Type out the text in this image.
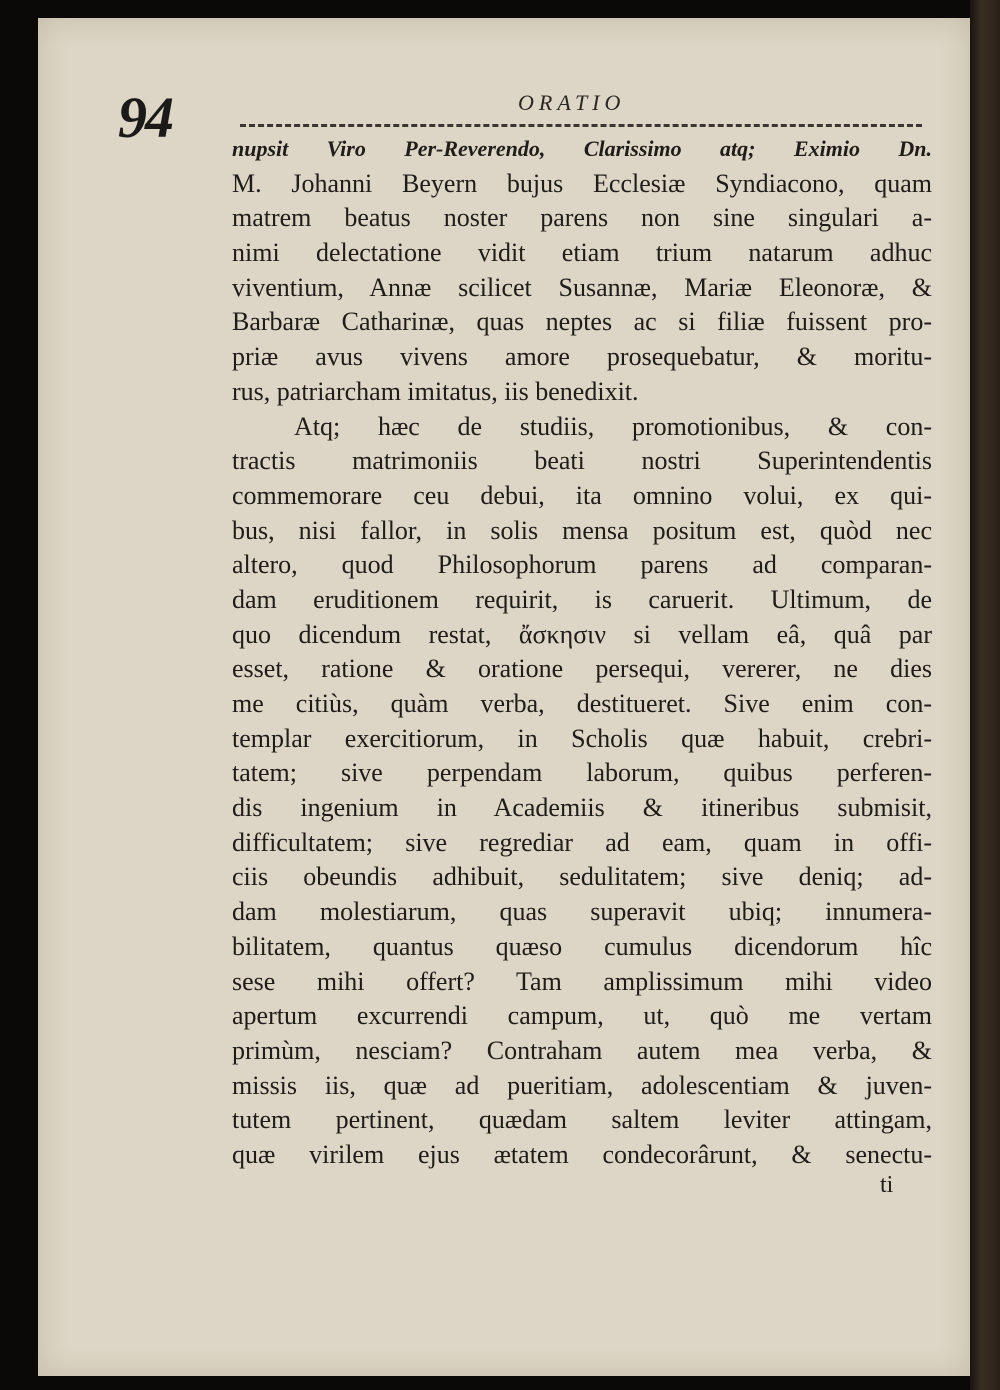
94	ORATIO
nupsit Viro Per-Reverendo, Clarissimo atq; Eximio Dn.
M. Johanni Beyern bujus Ecclesiæ Syndiacono, quam
matrem beatus noster parens non sine singulari a-
nimi delectatione vidit etiam trium natarum adhuc
viventium, Annæ scilicet Susannæ, Mariæ Eleonoræ, &
Barbaræ Catharinæ, quas neptes ac si filiæ fuissent pro-
priæ avus vivens amore prosequebatur, & moritu-
rus, patriarcham imitatus, iis benedixit.
Atq; hæc de studiis, promotionibus, & con-
tractis matrimoniis beati nostri Superintendentis
commemorare ceu debui, ita omnino volui, ex qui-
bus, nisi fallor, in solis mensa positum est, quòd nec
altero, quod Philosophorum parens ad comparan-
dam eruditionem requirit, is caruerit. Ultimum, de
quo dicendum restat, ἄσκησιν si vellam eâ, quâ par
esset, ratione & oratione persequi, vererer, ne dies
me citiùs, quàm verba, destitueret. Sive enim con-
templar exercitiorum, in Scholis quæ habuit, crebri-
tatem; sive perpendam laborum, quibus perferen-
dis ingenium in Academiis & itineribus submisit,
difficultatem; sive regrediar ad eam, quam in offi-
ciis obeundis adhibuit, sedulitatem; sive deniq; ad-
dam molestiarum, quas superavit ubiq; innumera-
bilitatem, quantus quæso cumulus dicendorum hîc
sese mihi offert? Tam amplissimum mihi video
apertum excurrendi campum, ut, quò me vertam
primùm, nesciam? Contraham autem mea verba, &
missis iis, quæ ad pueritiam, adolescentiam & juven-
tutem pertinent, quædam saltem leviter attingam,
quæ virilem ejus ætatem condecorârunt, & senectu-
ti
